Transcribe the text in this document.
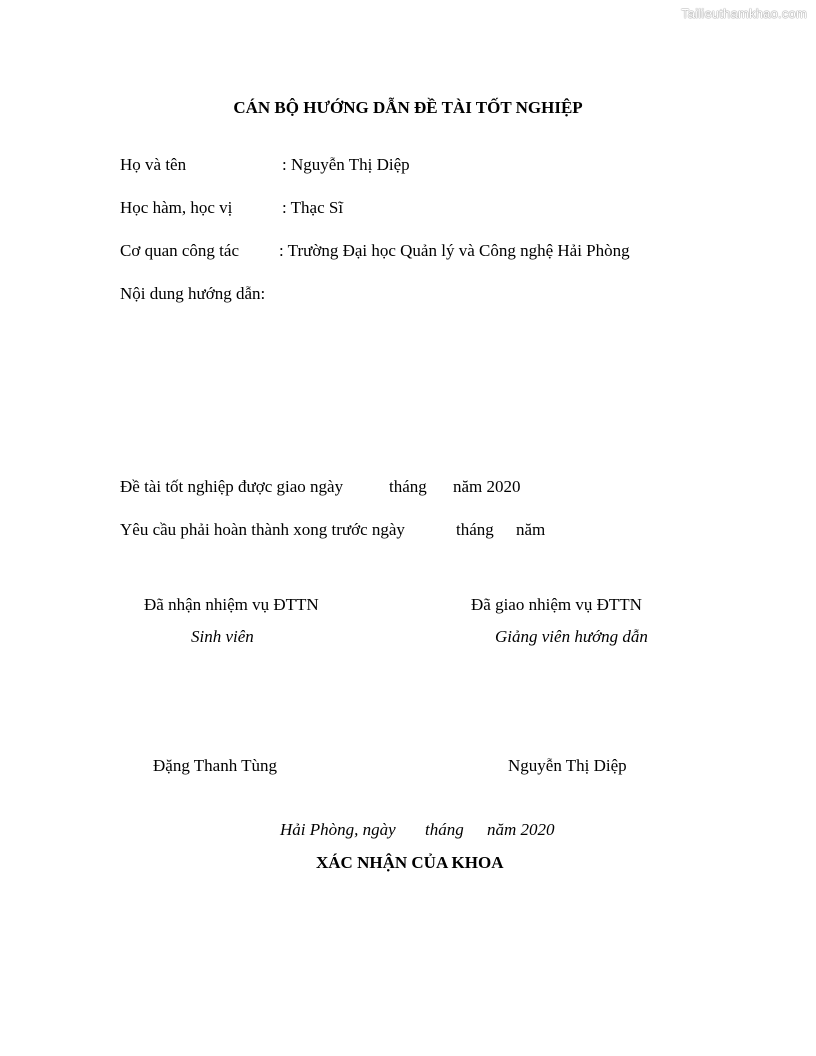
Tailieuthamkhao.com
CÁN BỘ HƯỚNG DẪN ĐỀ TÀI TỐT NGHIỆP
Họ và tên	: Nguyễn Thị Diệp
Học hàm, học vị	: Thạc Sĩ
Cơ quan công tác : Trường Đại học Quản lý và Công nghệ Hải Phòng
Nội dung hướng dẫn:
Đề tài tốt nghiệp được giao ngày	tháng năm 2020
Yêu cầu phải hoàn thành xong trước ngày	tháng năm
Đã nhận nhiệm vụ ĐTTN
Sinh viên
Đặng Thanh Tùng
Đã giao nhiệm vụ ĐTTN
Giảng viên hướng dẫn
Nguyễn Thị Diệp
Hải Phòng, ngày tháng năm 2020
XÁC NHẬN CỦA KHOA
